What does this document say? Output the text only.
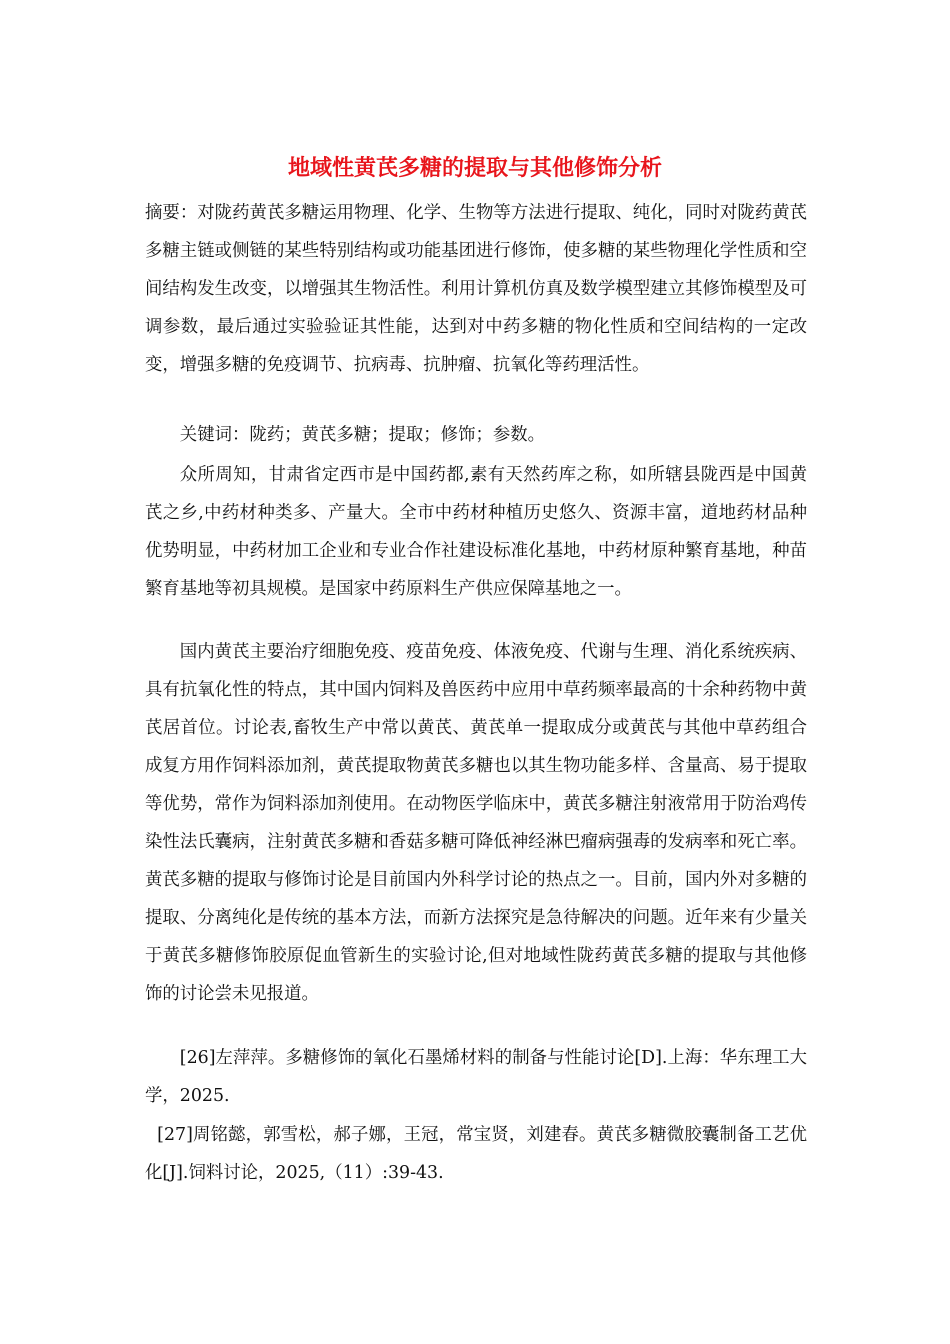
地域性黄芪多糖的提取与其他修饰分析

摘要：对陇药黄芪多糖运用物理、化学、生物等方法进行提取、纯化，同时对陇药黄芪多糖主链或侧链的某些特别结构或功能基团进行修饰，使多糖的某些物理化学性质和空间结构发生改变，以增强其生物活性。利用计算机仿真及数学模型建立其修饰模型及可调参数，最后通过实验验证其性能，达到对中药多糖的物化性质和空间结构的一定改变，增强多糖的免疫调节、抗病毒、抗肿瘤、抗氧化等药理活性。

关键词：陇药；黄芪多糖；提取；修饰；参数。

众所周知，甘肃省定西市是中国药都,素有天然药库之称，如所辖县陇西是中国黄芪之乡,中药材种类多、产量大。全市中药材种植历史悠久、资源丰富，道地药材品种优势明显，中药材加工企业和专业合作社建设标准化基地，中药材原种繁育基地，种苗繁育基地等初具规模。是国家中药原料生产供应保障基地之一。

国内黄芪主要治疗细胞免疫、疫苗免疫、体液免疫、代谢与生理、消化系统疾病、具有抗氧化性的特点，其中国内饲料及兽医药中应用中草药频率最高的十余种药物中黄芪居首位。讨论表,畜牧生产中常以黄芪、黄芪单一提取成分或黄芪与其他中草药组合成复方用作饲料添加剂，黄芪提取物黄芪多糖也以其生物功能多样、含量高、易于提取等优势，常作为饲料添加剂使用。在动物医学临床中，黄芪多糖注射液常用于防治鸡传染性法氏囊病，注射黄芪多糖和香菇多糖可降低神经淋巴瘤病强毒的发病率和死亡率。黄芪多糖的提取与修饰讨论是目前国内外科学讨论的热点之一。目前，国内外对多糖的提取、分离纯化是传统的基本方法，而新方法探究是急待解决的问题。近年来有少量关于黄芪多糖修饰胶原促血管新生的实验讨论,但对地域性陇药黄芪多糖的提取与其他修饰的讨论尝未见报道。

[26]左萍萍。多糖修饰的氧化石墨烯材料的制备与性能讨论[D].上海：华东理工大学，2025.

[27]周铭懿，郭雪松，郝子娜，王冠，常宝贤，刘建春。黄芪多糖微胶囊制备工艺优化[J].饲料讨论，2025,（11）:39-43.
